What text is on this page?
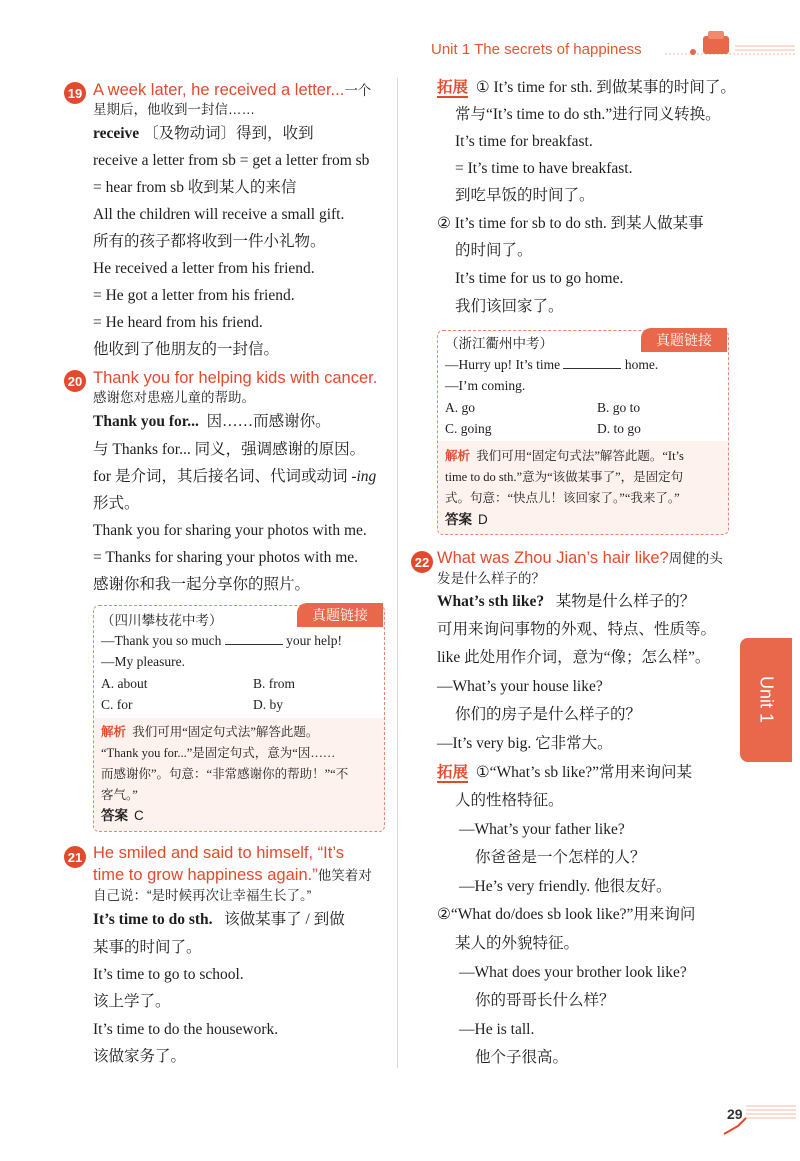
Unit 1 The secrets of happiness
19 A week later, he received a letter...一个
星期后，他收到一封信……
receive 〔及物动词〕得到，收到
receive a letter from sb = get a letter from sb
= hear from sb 收到某人的来信
All the children will receive a small gift.
所有的孩子都将收到一件小礼物。
He received a letter from his friend.
= He got a letter from his friend.
= He heard from his friend.
他收到了他朋友的一封信。
20 Thank you for helping kids with cancer.
感谢您对患癌儿童的帮助。
Thank you for... 因……而感谢你。
与 Thanks for... 同义，强调感谢的原因。
for 是介词，其后接名词、代词或动词 -ing
形式。
Thank you for sharing your photos with me.
= Thanks for sharing your photos with me.
感谢你和我一起分享你的照片。
真题链接
（四川攀枝花中考）
—Thank you so much	your help!
—My pleasure.
A. about	B. from
C. for	D. by
解析 我们可用“固定句式法”解答此题。
“Thank you for...”是固定句式，意为“因……
而感谢你”。句意：“非常感谢你的帮助！”“不
客气。”
答案 C
21 He smiled and said to himself, “It’s
time to grow happiness again.”他笑着对
自己说：“是时候再次让幸福生长了。”
It’s time to do sth. 该做某事了 / 到做
某事的时间了。
It’s time to go to school.
该上学了。
It’s time to do the housework.
该做家务了。
拓展 ① It’s time for sth. 到做某事的时间了。
常与“It’s time to do sth.”进行同义转换。
It’s time for breakfast.
= It’s time to have breakfast.
到吃早饭的时间了。
② It’s time for sb to do sth. 到某人做某事
的时间了。
It’s time for us to go home.
我们该回家了。
真题链接
（浙江衢州中考）
—Hurry up! It’s time	home.
—I’m coming.
A. go	B. go to
C. going	D. to go
解析 我们可用“固定句式法”解答此题。“It’s
time to do sth.”意为“该做某事了”，是固定句
式。句意：“快点儿！该回家了。”“我来了。”
答案 D
22 What was Zhou Jian’s hair like?周健的头
发是什么样子的？
What’s sth like? 某物是什么样子的？
可用来询问事物的外观、特点、性质等。
like 此处用作介词，意为“像；怎么样”。
—What’s your house like?
你们的房子是什么样子的？
—It’s very big. 它非常大。
拓展 ①“What’s sb like?”常用来询问某
人的性格特征。
—What’s your father like?
你爸爸是一个怎样的人？
—He’s very friendly. 他很友好。
②“What do/does sb look like?”用来询问
某人的外貌特征。
—What does your brother look like?
你的哥哥长什么样？
—He is tall.
他个子很高。
Unit 1
29
